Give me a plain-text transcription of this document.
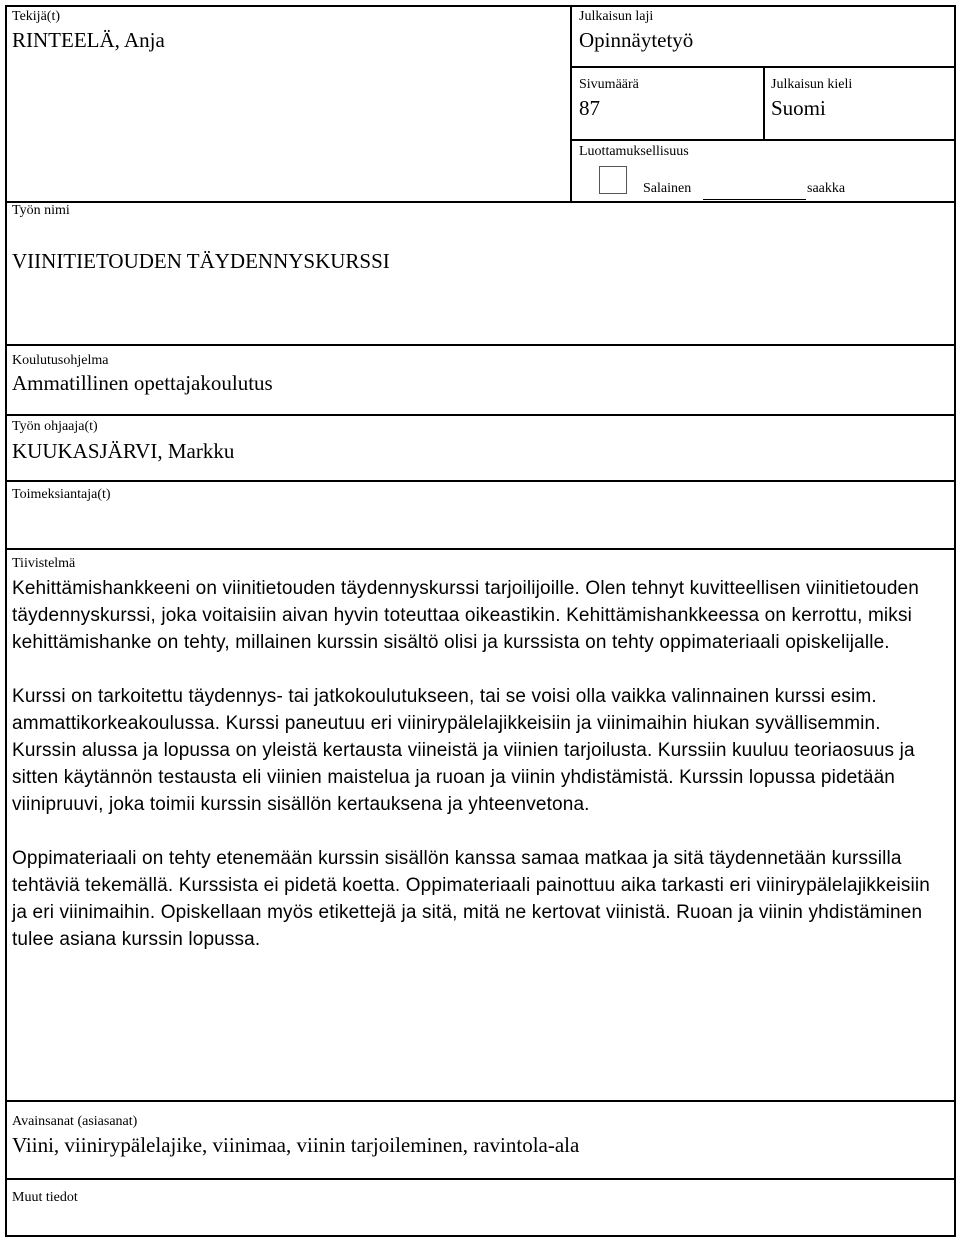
Tekijä(t)
RINTEELÄ, Anja
Julkaisun laji
Opinnäytetyö
Sivumäärä
87
Julkaisun kieli
Suomi
Luottamuksellisuus
Salainen	saakka
Työn nimi
VIINITIETOUDEN TÄYDENNYSKURSSI
Koulutusohjelma
Ammatillinen opettajakoulutus
Työn ohjaaja(t)
KUUKASJÄRVI, Markku
Toimeksiantaja(t)
Tiivistelmä

Kehittämishankkeeni on viinitietouden täydennyskurssi tarjoilijoille. Olen tehnyt kuvitteellisen viinitietouden täydennyskurssi, joka voitaisiin aivan hyvin toteuttaa oikeastikin. Kehittämishankkeessa on kerrottu, miksi kehittämishanke on tehty, millainen kurssin sisältö olisi ja kurssista on tehty oppimateriaali opiskelijalle.

Kurssi on tarkoitettu täydennys- tai jatkokoulutukseen, tai se voisi olla vaikka valinnainen kurssi esim. ammattikorkeakoulussa. Kurssi paneutuu eri viinirypälelajikkeisiin ja viinimaihin hiukan syvällisemmin. Kurssin alussa ja lopussa on yleistä kertausta viineistä ja viinien tarjoilusta. Kurssiin kuuluu teoriaosuus ja sitten käytännön testausta eli viinien maistelua ja ruoan ja viinin yhdistämistä. Kurssin lopussa pidetään viinipruuvi, joka toimii kurssin sisällön kertauksena ja yhteenvetona.

Oppimateriaali on tehty etenemään kurssin sisällön kanssa samaa matkaa ja sitä täydennetään kurssilla tehtäviä tekemällä. Kurssista ei pidetä koetta. Oppimateriaali painottuu aika tarkasti eri viinirypälelajikkeisiin ja eri viinimaihin. Opiskellaan myös etikettejä ja sitä, mitä ne kertovat viinistä. Ruoan ja viinin yhdistäminen tulee asiana kurssin lopussa.

Avainsanat (asiasanat)
Viini, viinirypälelajike, viinimaa, viinin tarjoileminen, ravintola-ala
Muut tiedot
